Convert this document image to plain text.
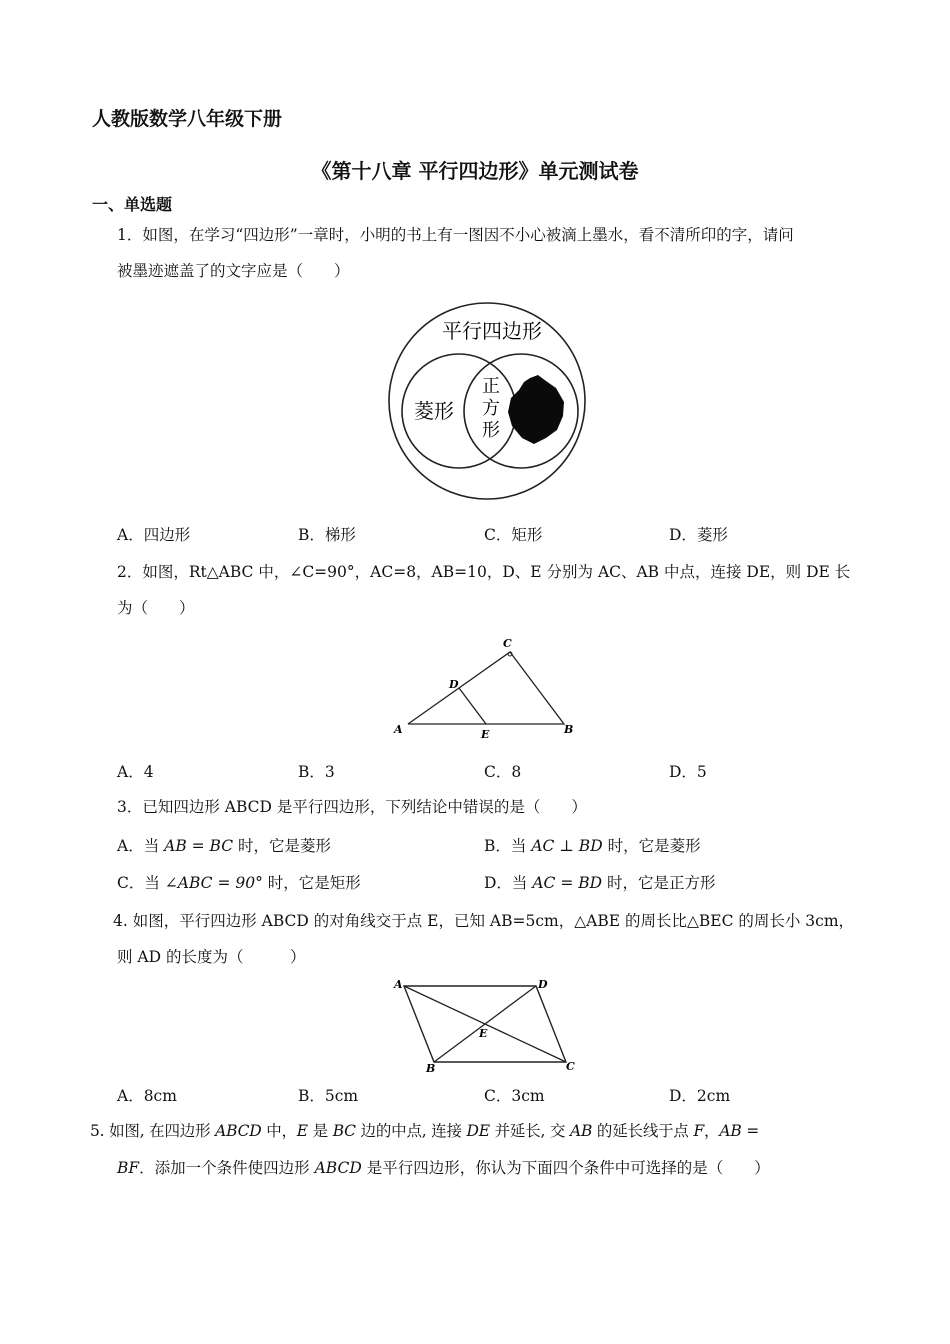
人教版数学八年级下册
《第十八章 平行四边形》单元测试卷
一、单选题
1．如图，在学习“四边形”一章时，小明的书上有一图因不小心被滴上墨水，看不清所印的字，请问
被墨迹遮盖了的文字应是（　　）
平行四边形
菱形
正
方
形
A．四边形	B．梯形	C．矩形	D．菱形
2．如图，Rt△ABC 中，∠C=90°，AC=8，AB=10，D、E 分别为 AC、AB 中点，连接 DE，则 DE 长
为（　　）
A	B
C
D
E
A．4	B．3	C．8	D．5
3．已知四边形 ABCD 是平行四边形，下列结论中错误的是（　　）
A．当 AB = BC 时，它是菱形	B．当 AC ⊥ BD 时，它是菱形
C．当 ∠ABC = 90° 时，它是矩形	D．当 AC = BD 时，它是正方形
4. 如图，平行四边形 ABCD 的对角线交于点 E，已知 AB=5cm，△ABE 的周长比△BEC 的周长小 3cm，
则 AD 的长度为（　　　）
A	D
B	C
E
A．8cm	B．5cm	C．3cm	D．2cm
5. 如图, 在四边形 ABCD 中，E 是 BC 边的中点, 连接 DE 并延长, 交 AB 的延长线于点 F，AB =
BF．添加一个条件使四边形 ABCD 是平行四边形，你认为下面四个条件中可选择的是（　　）
